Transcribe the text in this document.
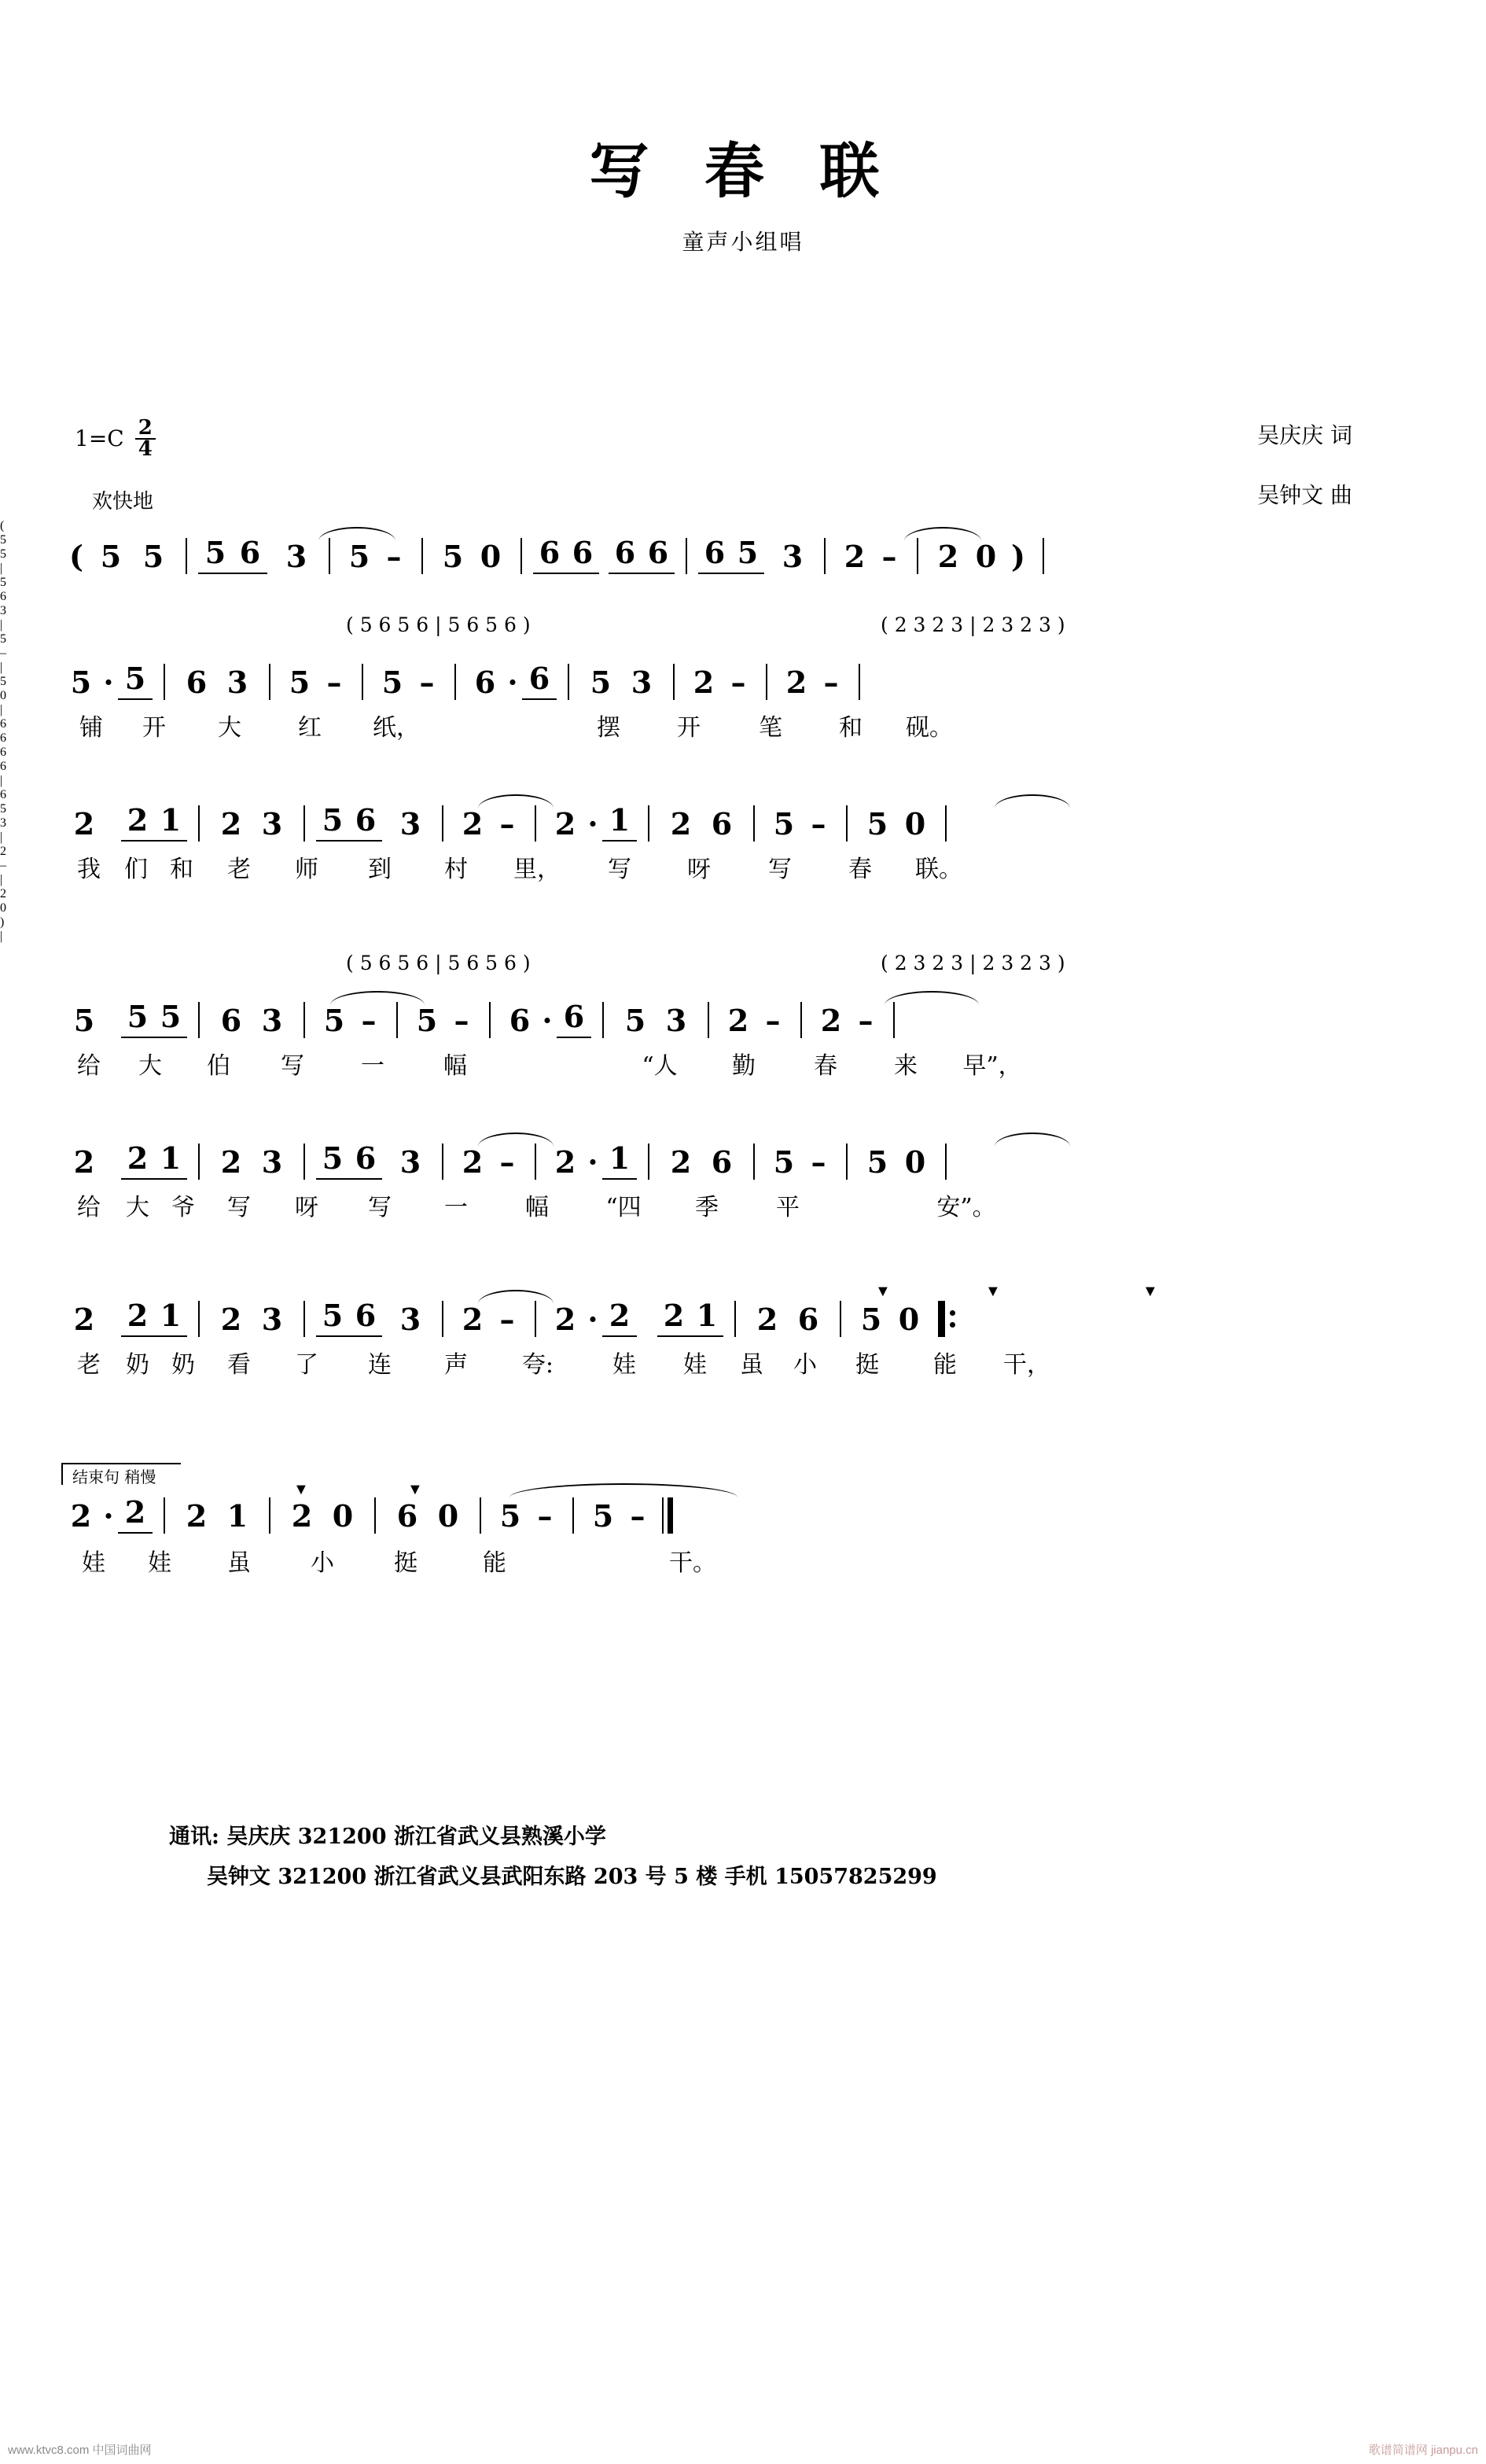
写 春 联
童声小组唱
$1=C \frac{2}{4}$
欢快地
吴庆庆 词
吴钟文 曲
( 5 5	5 6 3	5 –	5 0 6 6 6 6 6 5 3	2 –	2 0 )
( 5 5 | 5 6 3 | 5 – | 5 0 | 6 6 6 6 | 6 5 3 | 2 – | 2 0 ) |
( 5 6 5 6 | 5 6 5 6 )	( 2 3 2 3 | 2 3 2 3 )
5 · 5	6 3	5 –	5 –	6 · 6	5 3	2 –	2 –
铺	开	大	红	纸，	摆	开	笔	和	砚。
2	2 1	2 3	5 6 3	2 –	2 · 1	2 6	5 –	5 0
我	们 和	老	师	到	村	里，	写	呀	写	春	联。
( 5 6 5 6 | 5 6 5 6 )	( 2 3 2 3 | 2 3 2 3 )
5	5 5	6 3	5 –	5 –	6 · 6	5 3	2 –	2 –
给	大	伯	写	一	幅	“人	勤	春	来	早”，
2	2 1	2 3	5 6 3	2 –	2 · 1	2 6	5 –	5 0
给	大 爷	写	呀	写	一	幅	“四	季	平	安”。
2	2 1	2 3	5 6 3	2 –	2 · 2 2 1	2 6	5 0
▼	▼	▼
老	奶 奶	看	了	连	声	夸:	娃	娃	虽	小	挺	能	干，
结束句 稍慢
2 · 2	2 1	2 0	6 0	5 –	5 –
▼	▼
娃	娃	虽	小	挺	能	干。
通讯: 吴庆庆 321200 浙江省武义县熟溪小学
吴钟文 321200 浙江省武义县武阳东路 203 号 5 楼 手机 15057825299
www.ktvc8.com 中国词曲网	歌谱简谱网 jianpu.cn
